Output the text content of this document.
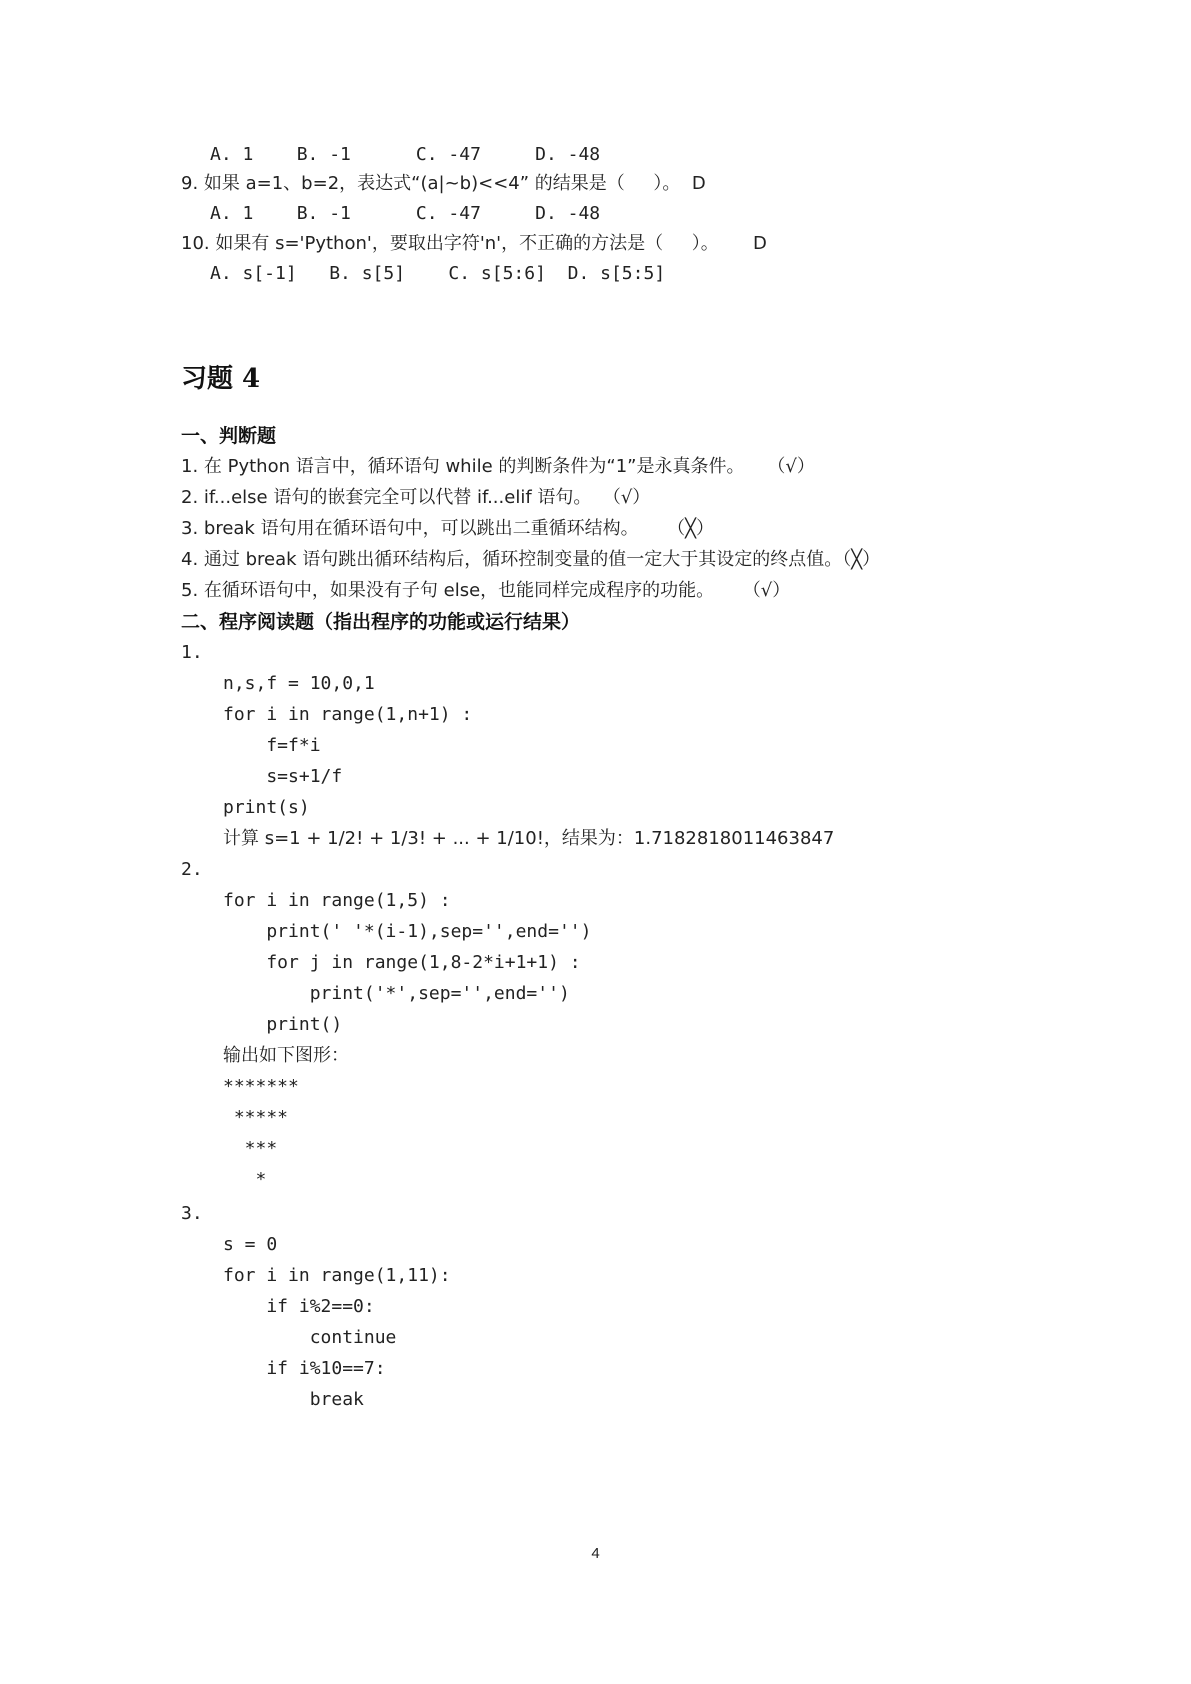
A. 1    B. -1      C. -47     D. -48
9. 如果 a=1、b=2，表达式“(a|~b)<<4” 的结果是（     ）。  D
A. 1    B. -1      C. -47     D. -48
10. 如果有 s='Python'，要取出字符'n'，不正确的方法是（     ）。      D
A. s[-1]   B. s[5]    C. s[5:6]  D. s[5:5]
习题 4
一、判断题
1. 在 Python 语言中，循环语句 while 的判断条件为“1”是永真条件。    （√）
2. if...else 语句的嵌套完全可以代替 if...elif 语句。  （√）
3. break 语句用在循环语句中，可以跳出二重循环结构。     （╳）
4. 通过 break 语句跳出循环结构后，循环控制变量的值一定大于其设定的终点值。（╳）
5. 在循环语句中，如果没有子句 else，也能同样完成程序的功能。     （√）
二、程序阅读题（指出程序的功能或运行结果）
1.
n,s,f = 10,0,1
for i in range(1,n+1) :
f=f*i
s=s+1/f
print(s)
计算 s=1 + 1/2! + 1/3! + ... + 1/10!，结果为：1.7182818011463847
2.
for i in range(1,5) :
print(' '*(i-1),sep='',end='')
for j in range(1,8-2*i+1+1) :
print('*',sep='',end='')
print()
输出如下图形：
*******
*****
***
*
3.
s = 0
for i in range(1,11):
if i%2==0:
continue
if i%10==7:
break
4
